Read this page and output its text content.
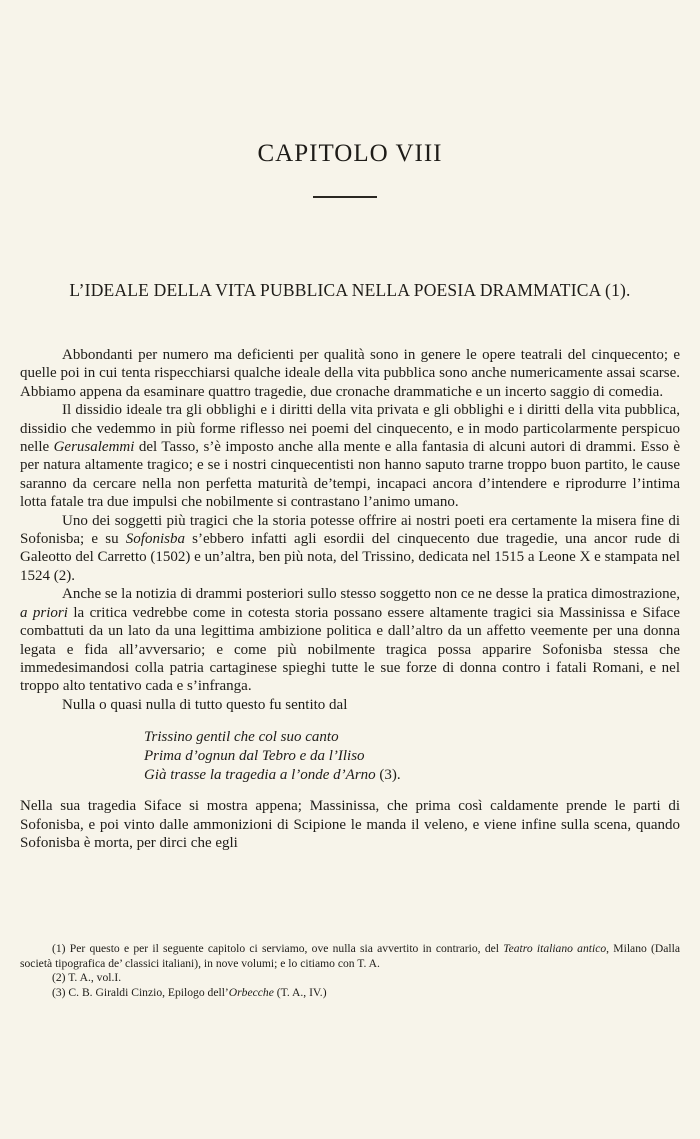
CAPITOLO VIII
L’IDEALE DELLA VITA PUBBLICA NELLA POESIA DRAMMATICA (1).

Abbondanti per numero ma deficienti per qualità sono in genere le opere teatrali del cinquecento; e quelle poi in cui tenta rispecchiarsi qualche ideale della vita pubblica sono anche numericamente assai scarse. Abbiamo appena da esaminare quattro tragedie, due cronache drammatiche e un incerto saggio di comedia.

Il dissidio ideale tra gli obblighi e i diritti della vita privata e gli obblighi e i diritti della vita pubblica, dissidio che vedemmo in più forme riflesso nei poemi del cinquecento, e in modo particolarmente perspicuo nelle Gerusalemmi del Tasso, s’è imposto anche alla mente e alla fantasia di alcuni autori di drammi. Esso è per natura altamente tragico; e se i nostri cinquecentisti non hanno saputo trarne troppo buon partito, le cause saranno da cercare nella non perfetta maturità de’tempi, incapaci ancora d’intendere e riprodurre l’intima lotta fatale tra due impulsi che nobilmente si contrastano l’animo umano.

Uno dei soggetti più tragici che la storia potesse offrire ai nostri poeti era certamente la misera fine di Sofonisba; e su Sofonisba s’ebbero infatti agli esordii del cinquecento due tragedie, una ancor rude di Galeotto del Carretto (1502) e un’altra, ben più nota, del Trissino, dedicata nel 1515 a Leone X e stampata nel 1524 (2).

Anche se la notizia di drammi posteriori sullo stesso soggetto non ce ne desse la pratica dimostrazione, a priori la critica vedrebbe come in cotesta storia possano essere altamente tragici sia Massinissa e Siface combattuti da un lato da una legittima ambizione politica e dall’altro da un affetto veemente per una donna legata e fida all’avversario; e come più nobilmente tragica possa apparire Sofonisba stessa che immedesimandosi colla patria cartaginese spieghi tutte le sue forze di donna contro i fatali Romani, e nel troppo alto tentativo cada e s’infranga.

Nulla o quasi nulla di tutto questo fu sentito dal

Trissino gentil che col suo canto
Prima d’ognun dal Tebro e da l’Iliso
Già trasse la tragedia a l’onde d’Arno (3).

Nella sua tragedia Siface si mostra appena; Massinissa, che prima così caldamente prende le parti di Sofonisba, e poi vinto dalle ammonizioni di Scipione le manda il veleno, e viene infine sulla scena, quando Sofonisba è morta, per dirci che egli

(1) Per questo e per il seguente capitolo ci serviamo, ove nulla sia avvertito in contrario, del Teatro italiano antico, Milano (Dalla società tipografica de’ classici italiani), in nove volumi; e lo citiamo con T. A.

(2) T. A., vol.I.

(3) C. B. Giraldi Cinzio, Epilogo dell’Orbecche (T. A., IV.)
